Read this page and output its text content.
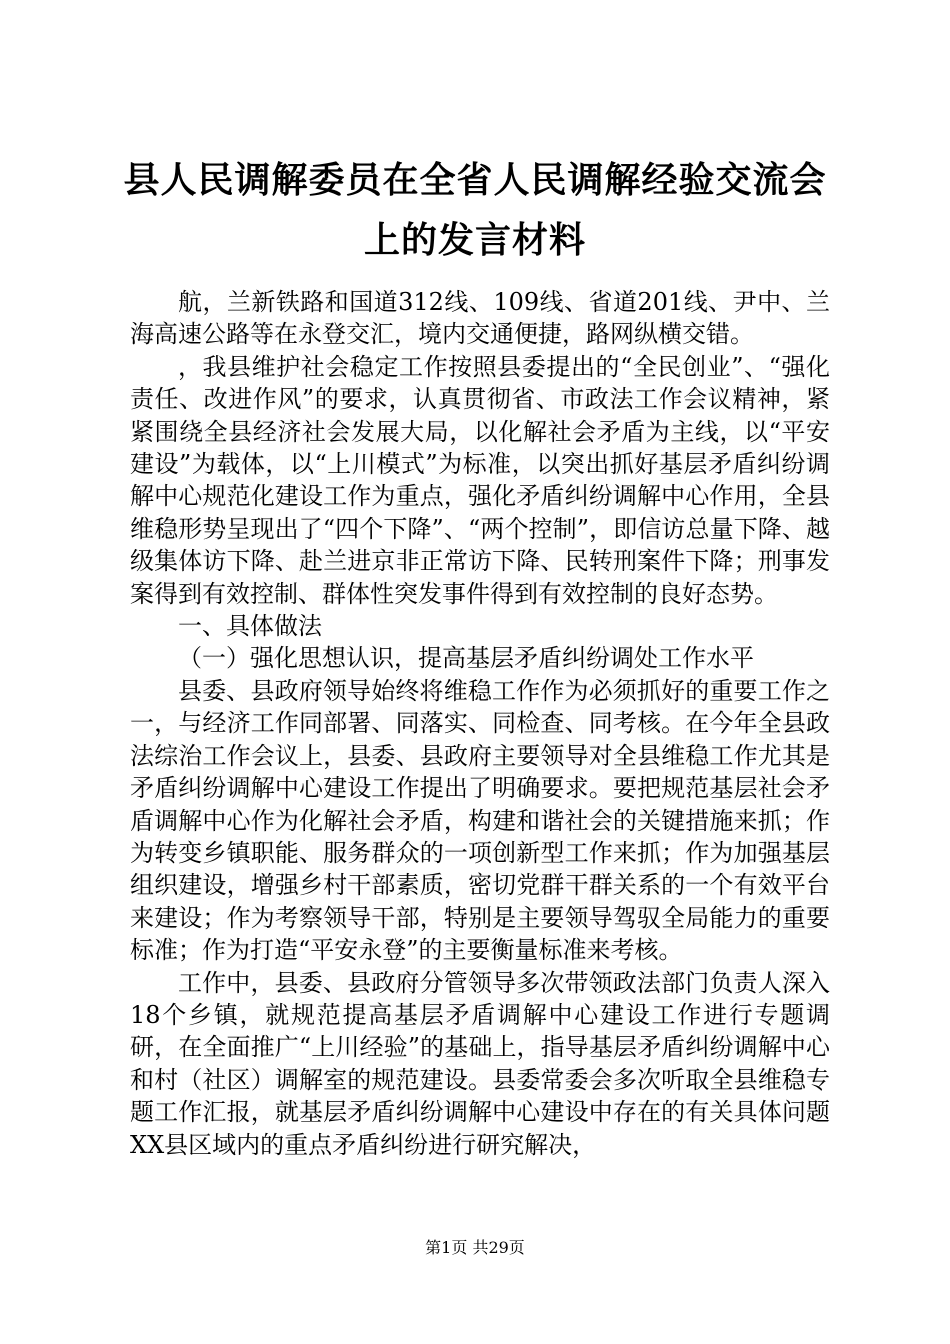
县人民调解委员在全省人民调解经验交流会上的发言材料

航，兰新铁路和国道312线、109线、省道201线、尹中、兰海高速公路等在永登交汇，境内交通便捷，路网纵横交错。

，我县维护社会稳定工作按照县委提出的“全民创业”、“强化责任、改进作风”的要求，认真贯彻省、市政法工作会议精神，紧紧围绕全县经济社会发展大局，以化解社会矛盾为主线，以“平安建设”为载体，以“上川模式”为标准，以突出抓好基层矛盾纠纷调解中心规范化建设工作为重点，强化矛盾纠纷调解中心作用，全县维稳形势呈现出了“四个下降”、“两个控制”，即信访总量下降、越级集体访下降、赴兰进京非正常访下降、民转刑案件下降；刑事发案得到有效控制、群体性突发事件得到有效控制的良好态势。

一、具体做法

（一）强化思想认识，提高基层矛盾纠纷调处工作水平

县委、县政府领导始终将维稳工作作为必须抓好的重要工作之一，与经济工作同部署、同落实、同检查、同考核。在今年全县政法综治工作会议上，县委、县政府主要领导对全县维稳工作尤其是矛盾纠纷调解中心建设工作提出了明确要求。要把规范基层社会矛盾调解中心作为化解社会矛盾，构建和谐社会的关键措施来抓；作为转变乡镇职能、服务群众的一项创新型工作来抓；作为加强基层组织建设，增强乡村干部素质，密切党群干群关系的一个有效平台来建设；作为考察领导干部，特别是主要领导驾驭全局能力的重要标准；作为打造“平安永登”的主要衡量标准来考核。

工作中，县委、县政府分管领导多次带领政法部门负责人深入18个乡镇，就规范提高基层矛盾调解中心建设工作进行专题调研，在全面推广“上川经验”的基础上，指导基层矛盾纠纷调解中心和村（社区）调解室的规范建设。县委常委会多次听取全县维稳专题工作汇报，就基层矛盾纠纷调解中心建设中存在的有关具体问题XX县区域内的重点矛盾纠纷进行研究解决，

第1页 共29页
